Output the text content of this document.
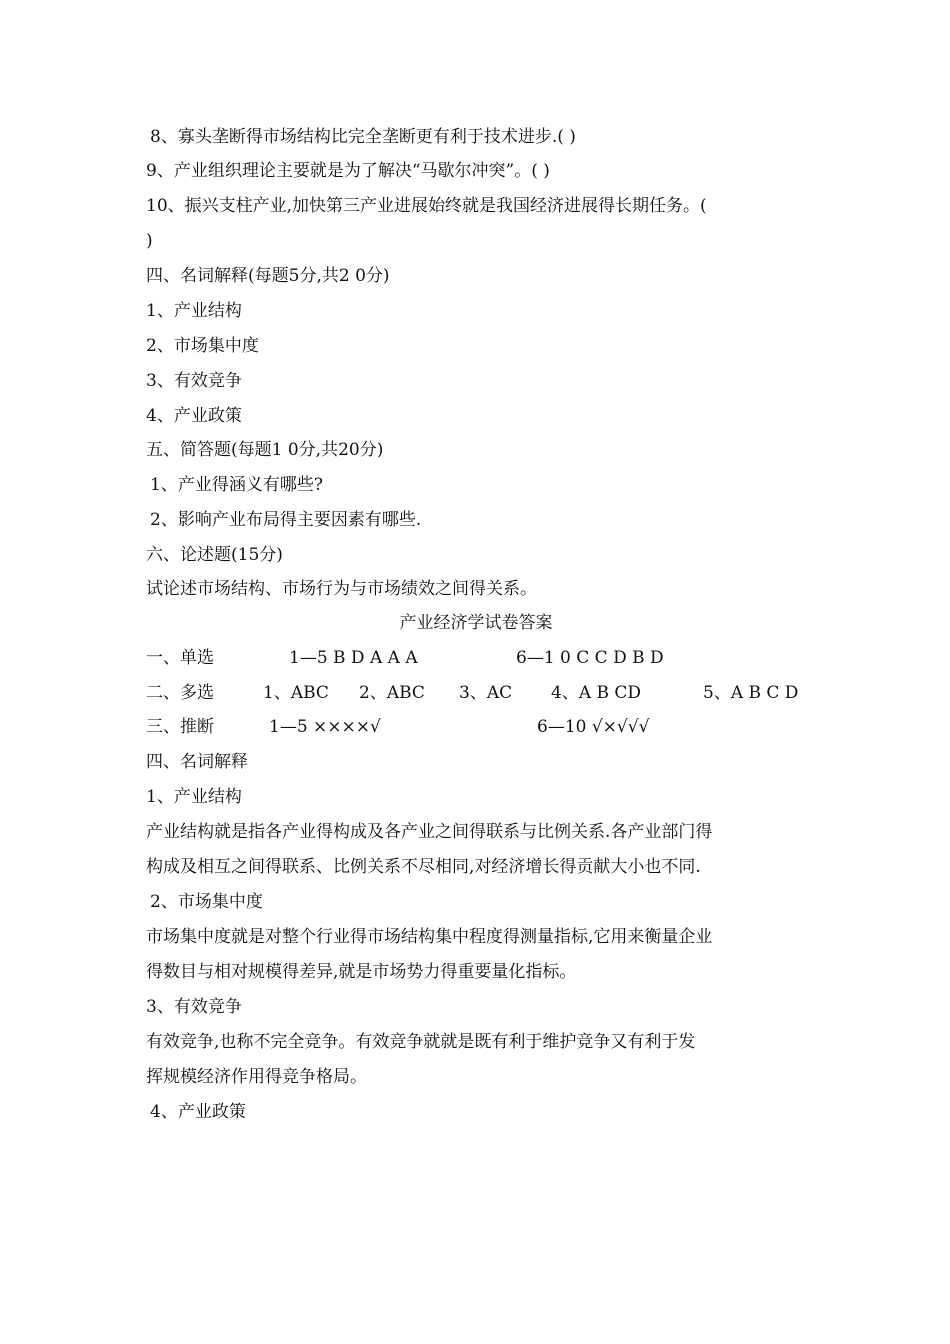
8、寡头垄断得市场结构比完全垄断更有利于技术进步.( )
9、产业组织理论主要就是为了解决“马歇尔冲突”。( )
10、振兴支柱产业,加快第三产业进展始终就是我国经济进展得长期任务。(
)
四、名词解释(每题5分,共2 0分)
1、产业结构
2、市场集中度
3、有效竞争
4、产业政策
五、简答题(每题1 0分,共20分)
1、产业得涵义有哪些?
2、影响产业布局得主要因素有哪些.
六、论述题(15分)
试论述市场结构、市场行为与市场绩效之间得关系。
产业经济学试卷答案
一、单选	1—5 B D A A A	6—1 0 C C D B D
二、多选	1、ABC 2、ABC 3、AC 4、A B CD	5、A B C D
三、推断	1—5 ××××√	6—10 √×√√√
四、名词解释
1、产业结构
产业结构就是指各产业得构成及各产业之间得联系与比例关系.各产业部门得
构成及相互之间得联系、比例关系不尽相同,对经济增长得贡献大小也不同.
2、市场集中度
市场集中度就是对整个行业得市场结构集中程度得测量指标,它用来衡量企业
得数目与相对规模得差异,就是市场势力得重要量化指标。
3、有效竞争
有效竞争,也称不完全竞争。有效竞争就就是既有利于维护竞争又有利于发
挥规模经济作用得竞争格局。
4、产业政策
